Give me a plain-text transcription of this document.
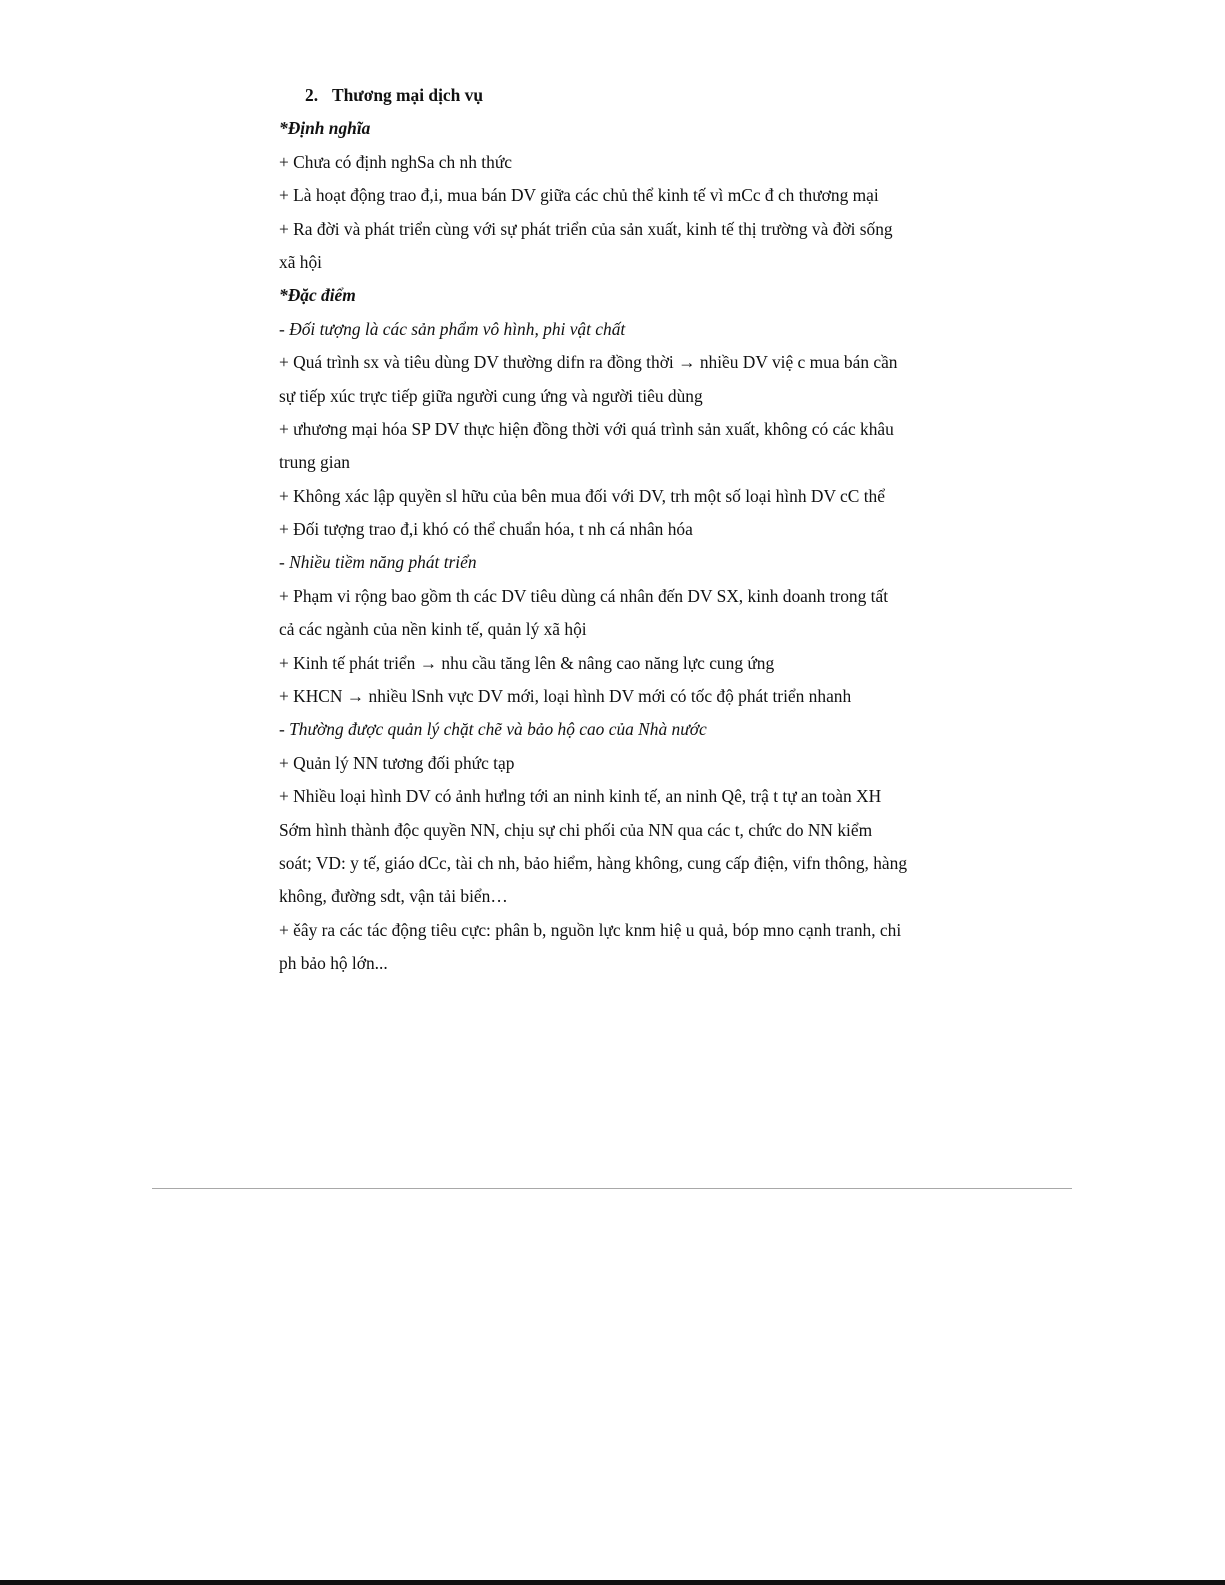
2. Thương mại dịch vụ
*Định nghĩa
+ Chưa có định nghSa ch nh thức
+ Là hoạt động trao đ,i, mua bán DV giữa các chủ thể kinh tế vì mCc đ ch thương mại
+ Ra đời và phát triển cùng với sự phát triển của sản xuất, kinh tế thị trường và đời sống
xã hội
*Đặc điểm
- Đối tượng là các sản phẩm vô hình, phi vật chất
+ Quá trình sx và tiêu dùng DV thường difn ra đồng thời → nhiều DV việ c mua bán cần
sự tiếp xúc trực tiếp giữa người cung ứng và người tiêu dùng
+ ưhương mại hóa SP DV thực hiện đồng thời với quá trình sản xuất, không có các khâu
trung gian
+ Không xác lập quyền sl hữu của bên mua đối với DV, trh một số loại hình DV cC thể
+ Đối tượng trao đ,i khó có thể chuẩn hóa, t nh cá nhân hóa
- Nhiều tiềm năng phát triển
+ Phạm vi rộng bao gồm th các DV tiêu dùng cá nhân đến DV SX, kinh doanh trong tất
cả các ngành của nền kinh tế, quản lý xã hội
+ Kinh tế phát triển → nhu cầu tăng lên & nâng cao năng lực cung ứng
+ KHCN → nhiều lSnh vực DV mới, loại hình DV mới có tốc độ phát triển nhanh
- Thường được quản lý chặt chẽ và bảo hộ cao của Nhà nước
+ Quản lý NN tương đối phức tạp
+ Nhiều loại hình DV có ảnh hưlng tới an ninh kinh tế, an ninh Qê, trậ t tự an toàn XH
Sớm hình thành độc quyền NN, chịu sự chi phối của NN qua các t, chức do NN kiểm
soát; VD: y tế, giáo dCc, tài ch nh, bảo hiểm, hàng không, cung cấp điện, vifn thông, hàng
không, đường sdt, vận tải biển…
+ ěây ra các tác động tiêu cực: phân b, nguồn lực knm hiệ u quả, bóp mno cạnh tranh, chi
ph bảo hộ lớn...
